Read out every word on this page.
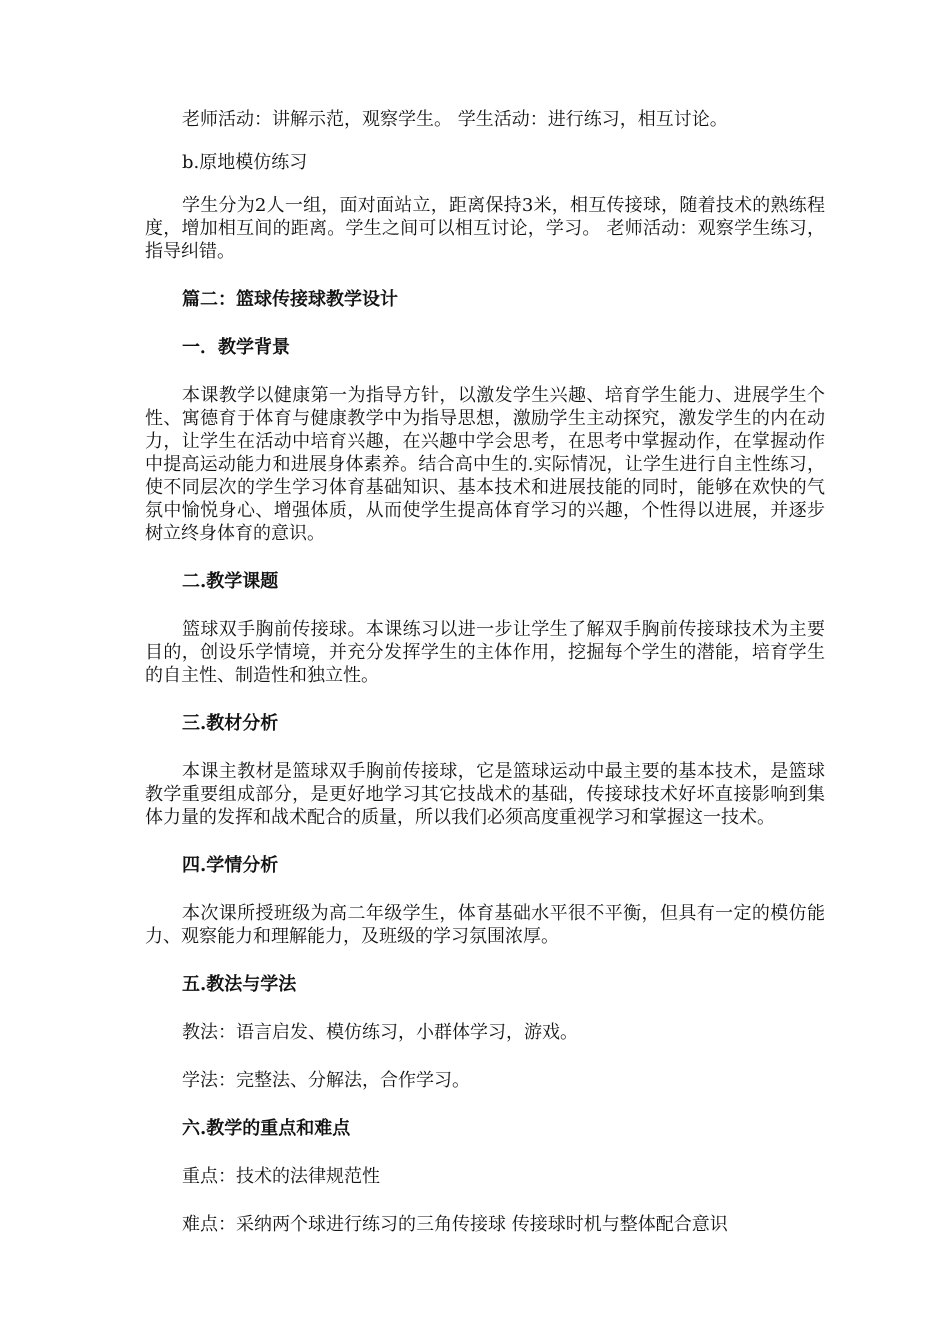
老师活动：讲解示范，观察学生。 学生活动：进行练习，相互讨论。

b.原地模仿练习

学生分为2人一组，面对面站立，距离保持3米，相互传接球，随着技术的熟练程度，增加相互间的距离。学生之间可以相互讨论，学习。 老师活动：观察学生练习，指导纠错。

篇二：篮球传接球教学设计

一．教学背景

本课教学以健康第一为指导方针，以激发学生兴趣、培育学生能力、进展学生个性、寓德育于体育与健康教学中为指导思想，激励学生主动探究，激发学生的内在动力，让学生在活动中培育兴趣，在兴趣中学会思考，在思考中掌握动作，在掌握动作中提高运动能力和进展身体素养。结合高中生的.实际情况，让学生进行自主性练习，使不同层次的学生学习体育基础知识、基本技术和进展技能的同时，能够在欢快的气氛中愉悦身心、增强体质，从而使学生提高体育学习的兴趣，个性得以进展，并逐步树立终身体育的意识。

二.教学课题

篮球双手胸前传接球。本课练习以进一步让学生了解双手胸前传接球技术为主要目的，创设乐学情境，并充分发挥学生的主体作用，挖掘每个学生的潜能，培育学生的自主性、制造性和独立性。

三.教材分析

本课主教材是篮球双手胸前传接球，它是篮球运动中最主要的基本技术，是篮球教学重要组成部分，是更好地学习其它技战术的基础，传接球技术好坏直接影响到集体力量的发挥和战术配合的质量，所以我们必须高度重视学习和掌握这一技术。

四.学情分析

本次课所授班级为高二年级学生，体育基础水平很不平衡，但具有一定的模仿能力、观察能力和理解能力，及班级的学习氛围浓厚。

五.教法与学法

教法：语言启发、模仿练习，小群体学习，游戏。

学法：完整法、分解法，合作学习。

六.教学的重点和难点

重点：技术的法律规范性

难点：采纳两个球进行练习的三角传接球 传接球时机与整体配合意识
